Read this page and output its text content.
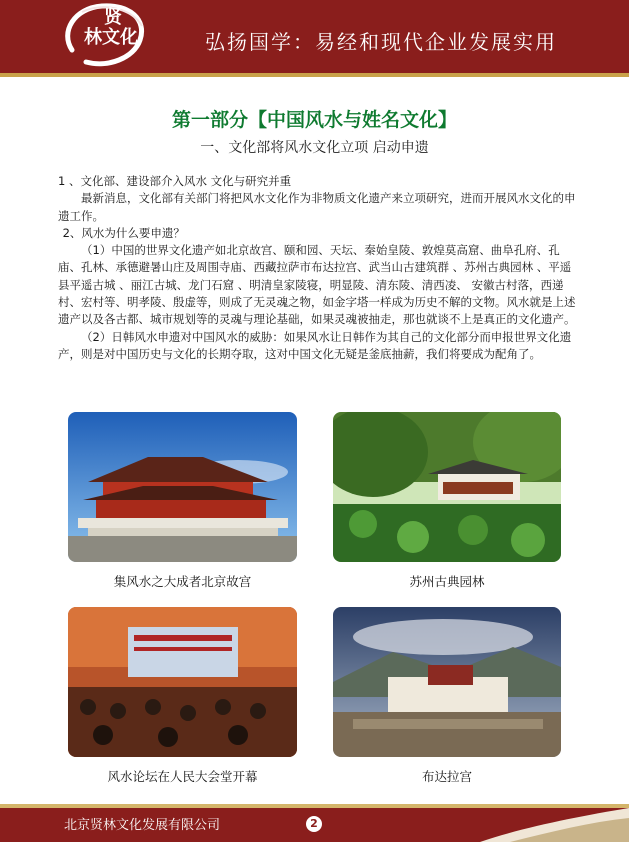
贤
林文化	弘扬国学：易经和现代企业发展实用
第一部分【中国风水与姓名文化】
一、文化部将风水文化立项 启动申遗

1 、文化部、建设部介入风水 文化与研究并重

最新消息，文化部有关部门将把风水文化作为非物质文化遗产来立项研究，进而开展风水文化的申遗工作。

2、风水为什么要申遗？

（1）中国的世界文化遗产如北京故宫、颐和园、天坛、秦始皇陵、敦煌莫高窟、曲阜孔府、孔庙、孔林、承德避暑山庄及周围寺庙、西藏拉萨市布达拉宫、武当山古建筑群 、苏州古典园林 、平遥县平遥古城 、丽江古城、龙门石窟 、明清皇家陵寝，明显陵、清东陵、清西凌、 安徽古村落，西递村、宏村等、明孝陵、殷虚等，则成了无灵魂之物，如金字塔一样成为历史不解的文物。风水就是上述遗产以及各古都、城市规划等的灵魂与理论基础，如果灵魂被抽走，那也就谈不上是真正的文化遗产。

（2）日韩风水申遗对中国风水的威胁：如果风水让日韩作为其自己的文化部分而申报世界文化遗产，则是对中国历史与文化的长期夺取，这对中国文化无疑是釜底抽薪，我们将要成为配角了。

集风水之大成者北京故宫	苏州古典园林
风水论坛在人民大会堂开幕	布达拉宫
北京贤林文化发展有限公司	2
